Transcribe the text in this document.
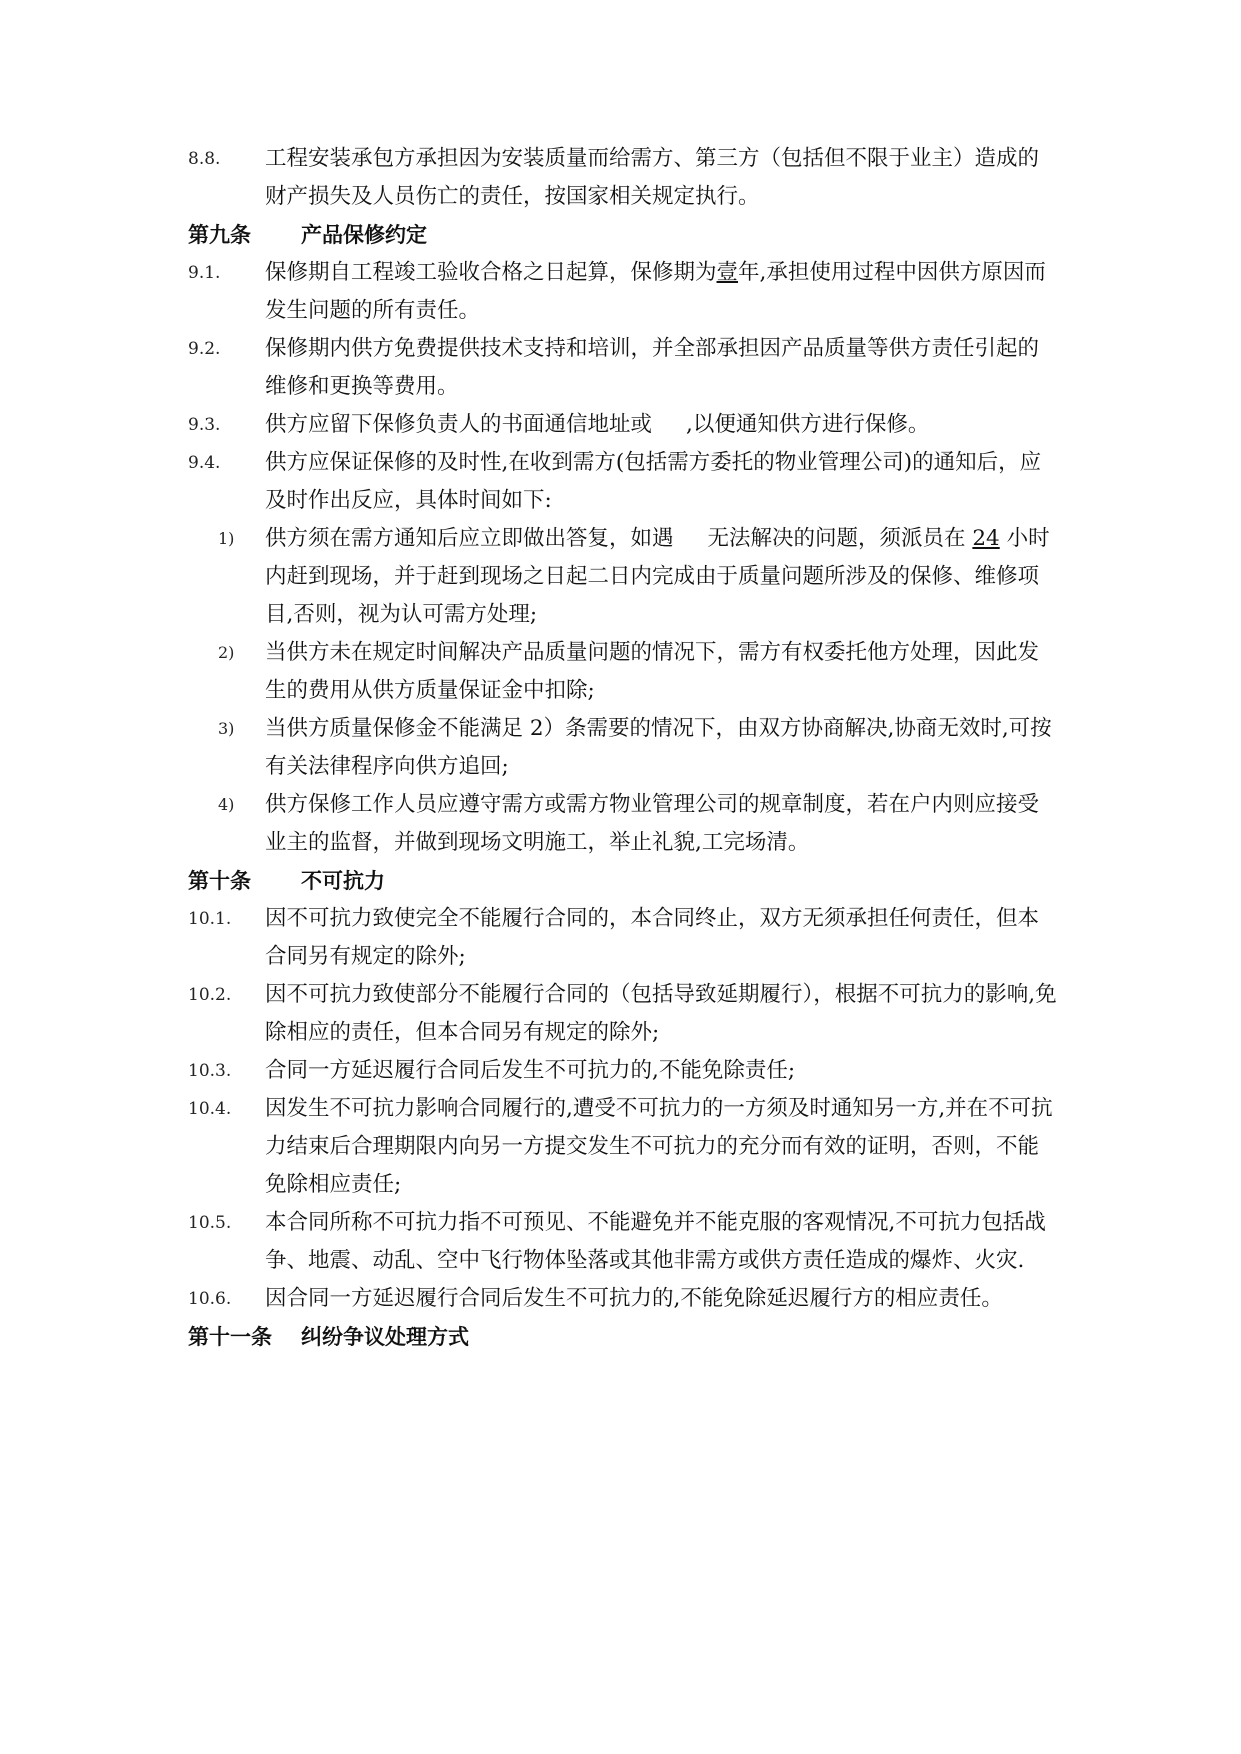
8.8. 工程安装承包方承担因为安装质量而给需方、第三方（包括但不限于业主）造成的财产损失及人员伤亡的责任，按国家相关规定执行。
第九条 产品保修约定
9.1. 保修期自工程竣工验收合格之日起算，保修期为壹年,承担使用过程中因供方原因而发生问题的所有责任。
9.2. 保修期内供方免费提供技术支持和培训，并全部承担因产品质量等供方责任引起的维修和更换等费用。
9.3. 供方应留下保修负责人的书面通信地址或 ,以便通知供方进行保修。
9.4. 供方应保证保修的及时性,在收到需方(包括需方委托的物业管理公司)的通知后，应及时作出反应，具体时间如下:
1) 供方须在需方通知后应立即做出答复，如遇 无法解决的问题，须派员在 24 小时内赶到现场，并于赶到现场之日起二日内完成由于质量问题所涉及的保修、维修项目,否则，视为认可需方处理;
2) 当供方未在规定时间解决产品质量问题的情况下，需方有权委托他方处理，因此发生的费用从供方质量保证金中扣除;
3) 当供方质量保修金不能满足 2）条需要的情况下，由双方协商解决,协商无效时,可按有关法律程序向供方追回;
4) 供方保修工作人员应遵守需方或需方物业管理公司的规章制度，若在户内则应接受业主的监督，并做到现场文明施工，举止礼貌,工完场清。
第十条 不可抗力
10.1. 因不可抗力致使完全不能履行合同的，本合同终止，双方无须承担任何责任，但本合同另有规定的除外;
10.2. 因不可抗力致使部分不能履行合同的（包括导致延期履行），根据不可抗力的影响,免除相应的责任，但本合同另有规定的除外;
10.3. 合同一方延迟履行合同后发生不可抗力的,不能免除责任;
10.4. 因发生不可抗力影响合同履行的,遭受不可抗力的一方须及时通知另一方,并在不可抗力结束后合理期限内向另一方提交发生不可抗力的充分而有效的证明，否则，不能免除相应责任;
10.5. 本合同所称不可抗力指不可预见、不能避免并不能克服的客观情况,不可抗力包括战争、地震、动乱、空中飞行物体坠落或其他非需方或供方责任造成的爆炸、火灾.
10.6. 因合同一方延迟履行合同后发生不可抗力的,不能免除延迟履行方的相应责任。
第十一条 纠纷争议处理方式
